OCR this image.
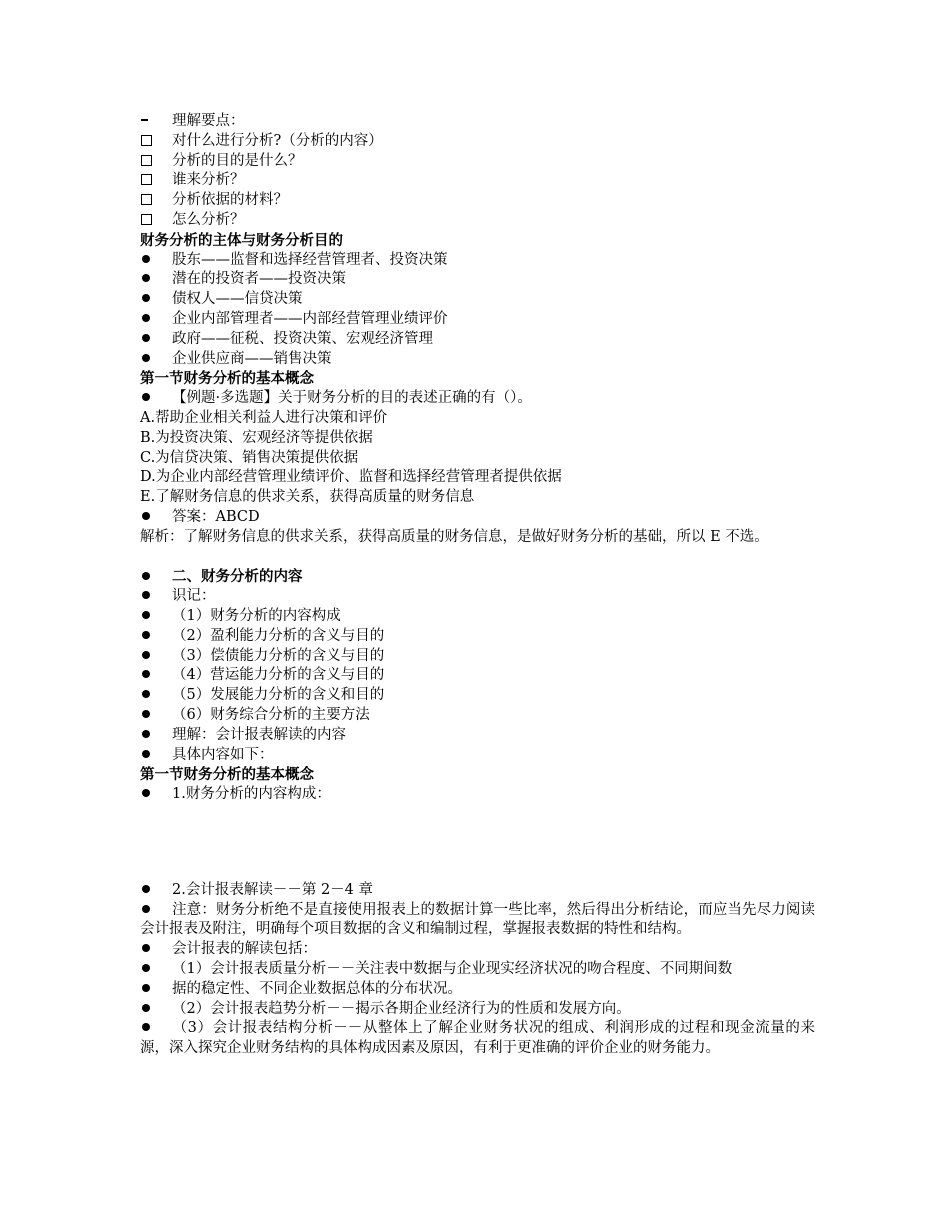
理解要点：
对什么进行分析?（分析的内容）
分析的目的是什么？
谁来分析？
分析依据的材料？
怎么分析？
财务分析的主体与财务分析目的
股东——监督和选择经营管理者、投资决策
潜在的投资者——投资决策
债权人——信贷决策
企业内部管理者——内部经营管理业绩评价
政府——征税、投资决策、宏观经济管理
企业供应商——销售决策
第一节财务分析的基本概念
【例题·多选题】关于财务分析的目的表述正确的有（）。
A.帮助企业相关利益人进行决策和评价
B.为投资决策、宏观经济等提供依据
C.为信贷决策、销售决策提供依据
D.为企业内部经营管理业绩评价、监督和选择经营管理者提供依据
E.了解财务信息的供求关系，获得高质量的财务信息
答案：ABCD
解析：了解财务信息的供求关系，获得高质量的财务信息，是做好财务分析的基础，所以 E 不选。
二、财务分析的内容
识记：
（1）财务分析的内容构成
（2）盈利能力分析的含义与目的
（3）偿债能力分析的含义与目的
（4）营运能力分析的含义与目的
（5）发展能力分析的含义和目的
（6）财务综合分析的主要方法
理解：会计报表解读的内容
具体内容如下：
第一节财务分析的基本概念
1.财务分析的内容构成：
2.会计报表解读－－第 2－4 章
注意：财务分析绝不是直接使用报表上的数据计算一些比率，然后得出分析结论，而应当先尽力阅读会计报表及附注，明确每个项目数据的含义和编制过程，掌握报表数据的特性和结构。
会计报表的解读包括：
（1）会计报表质量分析－－关注表中数据与企业现实经济状况的吻合程度、不同期间数
据的稳定性、不同企业数据总体的分布状况。
（2）会计报表趋势分析－－揭示各期企业经济行为的性质和发展方向。
（3）会计报表结构分析－－从整体上了解企业财务状况的组成、利润形成的过程和现金流量的来源，深入探究企业财务结构的具体构成因素及原因，有利于更准确的评价企业的财务能力。
